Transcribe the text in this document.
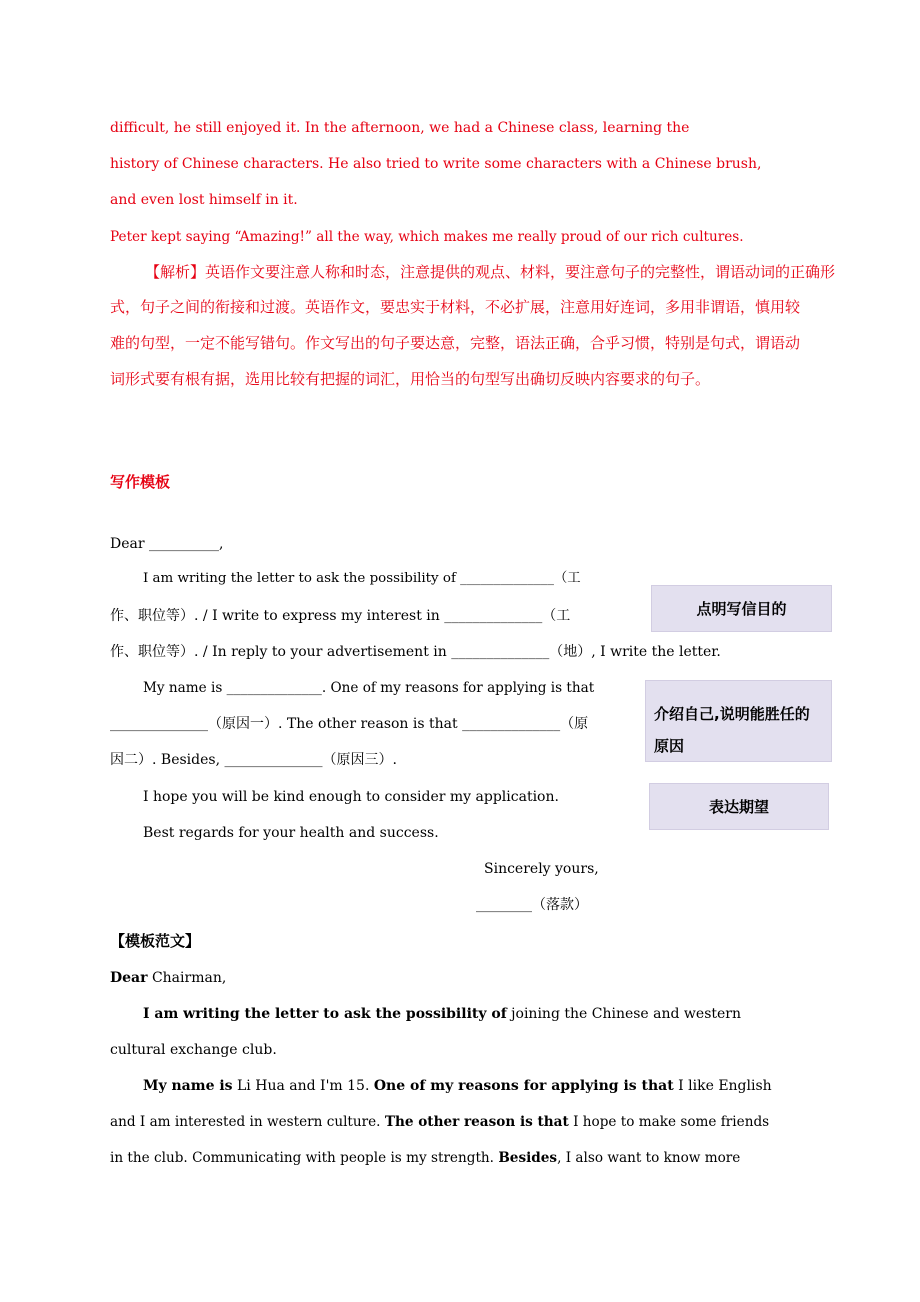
difficult, he still enjoyed it. In the afternoon, we had a Chinese class, learning the
history of Chinese characters. He also tried to write some characters with a Chinese brush,
and even lost himself in it.
Peter kept saying “Amazing!” all the way, which makes me really proud of our rich cultures.
【解析】英语作文要注意人称和时态，注意提供的观点、材料，要注意句子的完整性，谓语动词的正确形
式，句子之间的衔接和过渡。英语作文，要忠实于材料，不必扩展，注意用好连词，多用非谓语，慎用较
难的句型，一定不能写错句。作文写出的句子要达意，完整，语法正确，合乎习惯，特别是句式，谓语动
词形式要有根有据，选用比较有把握的词汇，用恰当的句型写出确切反映内容要求的句子。
写作模板
Dear __________,
I am writing the letter to ask the possibility of ______________（工
作、职位等）. / I write to express my interest in ______________（工
作、职位等）. / In reply to your advertisement in ______________（地）, I write the letter.
My name is ______________. One of my reasons for applying is that
______________（原因一）. The other reason is that ______________（原
因二）. Besides, ______________（原因三）.
I hope you will be kind enough to consider my application.
Best regards for your health and success.
Sincerely yours,
________（落款）
点明写信目的
介绍自己,说明能胜任的
原因
表达期望
【模板范文】
Dear Chairman,
I am writing the letter to ask the possibility of joining the Chinese and western
cultural exchange club.
My name is Li Hua and I'm 15. One of my reasons for applying is that I like English
and I am interested in western culture. The other reason is that I hope to make some friends
in the club. Communicating with people is my strength. Besides, I also want to know more
